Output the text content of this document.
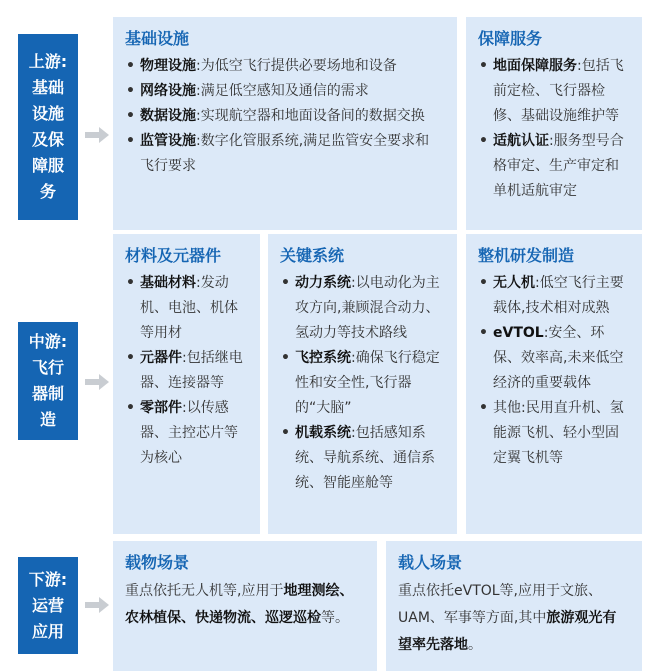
上游:
基础
设施
及保
障服
务
基础设施
• 物理设施:为低空飞行提供必要场地和设备
• 网络设施:满足低空感知及通信的需求
• 数据设施:实现航空器和地面设备间的数据交换
• 监管设施:数字化管服系统,满足监管安全要求和飞行要求
保障服务
• 地面保障服务:包括飞前定检、飞行器检修、基础设施维护等
• 适航认证:服务型号合格审定、生产审定和单机适航审定
中游:
飞行
器制
造
材料及元器件
• 基础材料:发动机、电池、机体等用材
• 元器件:包括继电器、连接器等
• 零部件:以传感器、主控芯片等为核心
关键系统
• 动力系统:以电动化为主攻方向,兼顾混合动力、氢动力等技术路线
• 飞控系统:确保飞行稳定性和安全性,飞行器的“大脑”
• 机载系统:包括感知系统、导航系统、通信系统、智能座舱等
整机研发制造
• 无人机:低空飞行主要载体,技术相对成熟
• eVTOL:安全、环保、效率高,未来低空经济的重要载体
• 其他:民用直升机、氢能源飞机、轻小型固定翼飞机等
下游:
运营
应用
载物场景

重点依托无人机等,应用于地理测绘、农林植保、快递物流、巡逻巡检等。

载人场景

重点依托eVTOL等,应用于文旅、UAM、军事等方面,其中旅游观光有望率先落地。
